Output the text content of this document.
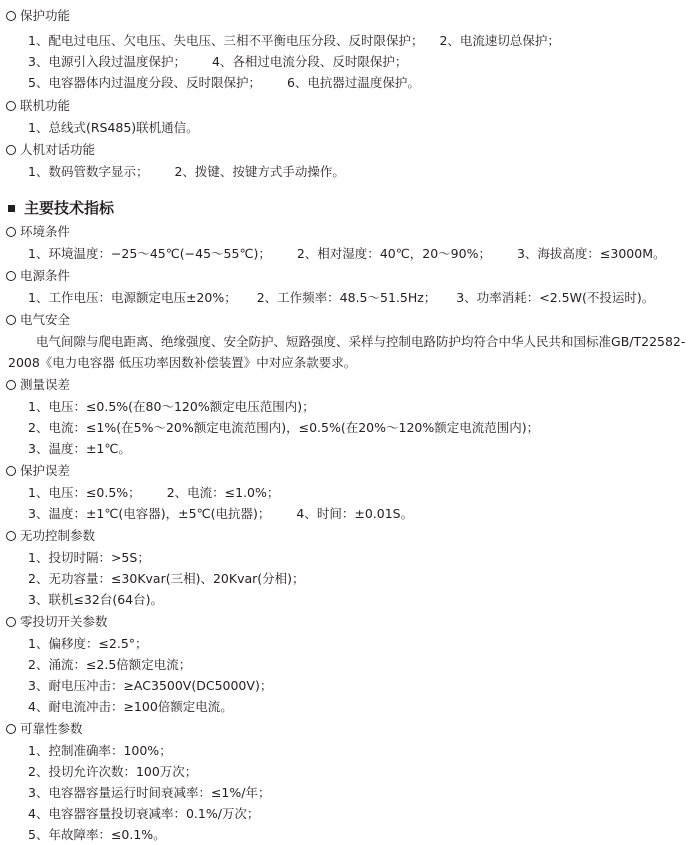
保护功能
1、配电过电压、欠电压、失电压、三相不平衡电压分段、反时限保护； 2、电流速切总保护；
3、电源引入段过温度保护； 4、各相过电流分段、反时限保护；
5、电容器体内过温度分段、反时限保护； 6、电抗器过温度保护。
联机功能
1、总线式(RS485)联机通信。
人机对话功能
1、数码管数字显示； 2、拨键、按键方式手动操作。
主要技术指标
环境条件
1、环境温度：−25～45℃(−45～55℃)； 2、相对湿度：40℃，20～90%； 3、海拔高度：≤3000M。
电源条件
1、工作电压：电源额定电压±20%； 2、工作频率：48.5～51.5Hz； 3、功率消耗：<2.5W(不投运时)。
电气安全
电气间隙与爬电距离、绝缘强度、安全防护、短路强度、采样与控制电路防护均符合中华人民共和国标准GB/T22582-2008《电力电容器 低压功率因数补偿装置》中对应条款要求。
测量误差
1、电压：≤0.5%(在80～120%额定电压范围内)；
2、电流：≤1%(在5%～20%额定电流范围内)，≤0.5%(在20%～120%额定电流范围内)；
3、温度：±1℃。
保护误差
1、电压：≤0.5%； 2、电流：≤1.0%；
3、温度：±1℃(电容器)，±5℃(电抗器)； 4、时间：±0.01S。
无功控制参数
1、投切时隔：>5S；
2、无功容量：≤30Kvar(三相)、20Kvar(分相)；
3、联机≤32台(64台)。
零投切开关参数
1、偏移度：≤2.5°；
2、涌流：≤2.5倍额定电流；
3、耐电压冲击：≥AC3500V(DC5000V)；
4、耐电流冲击：≥100倍额定电流。
可靠性参数
1、控制准确率：100%；
2、投切允许次数：100万次；
3、电容器容量运行时间衰减率：≤1%/年；
4、电容器容量投切衰减率：0.1%/万次；
5、年故障率：≤0.1%。
